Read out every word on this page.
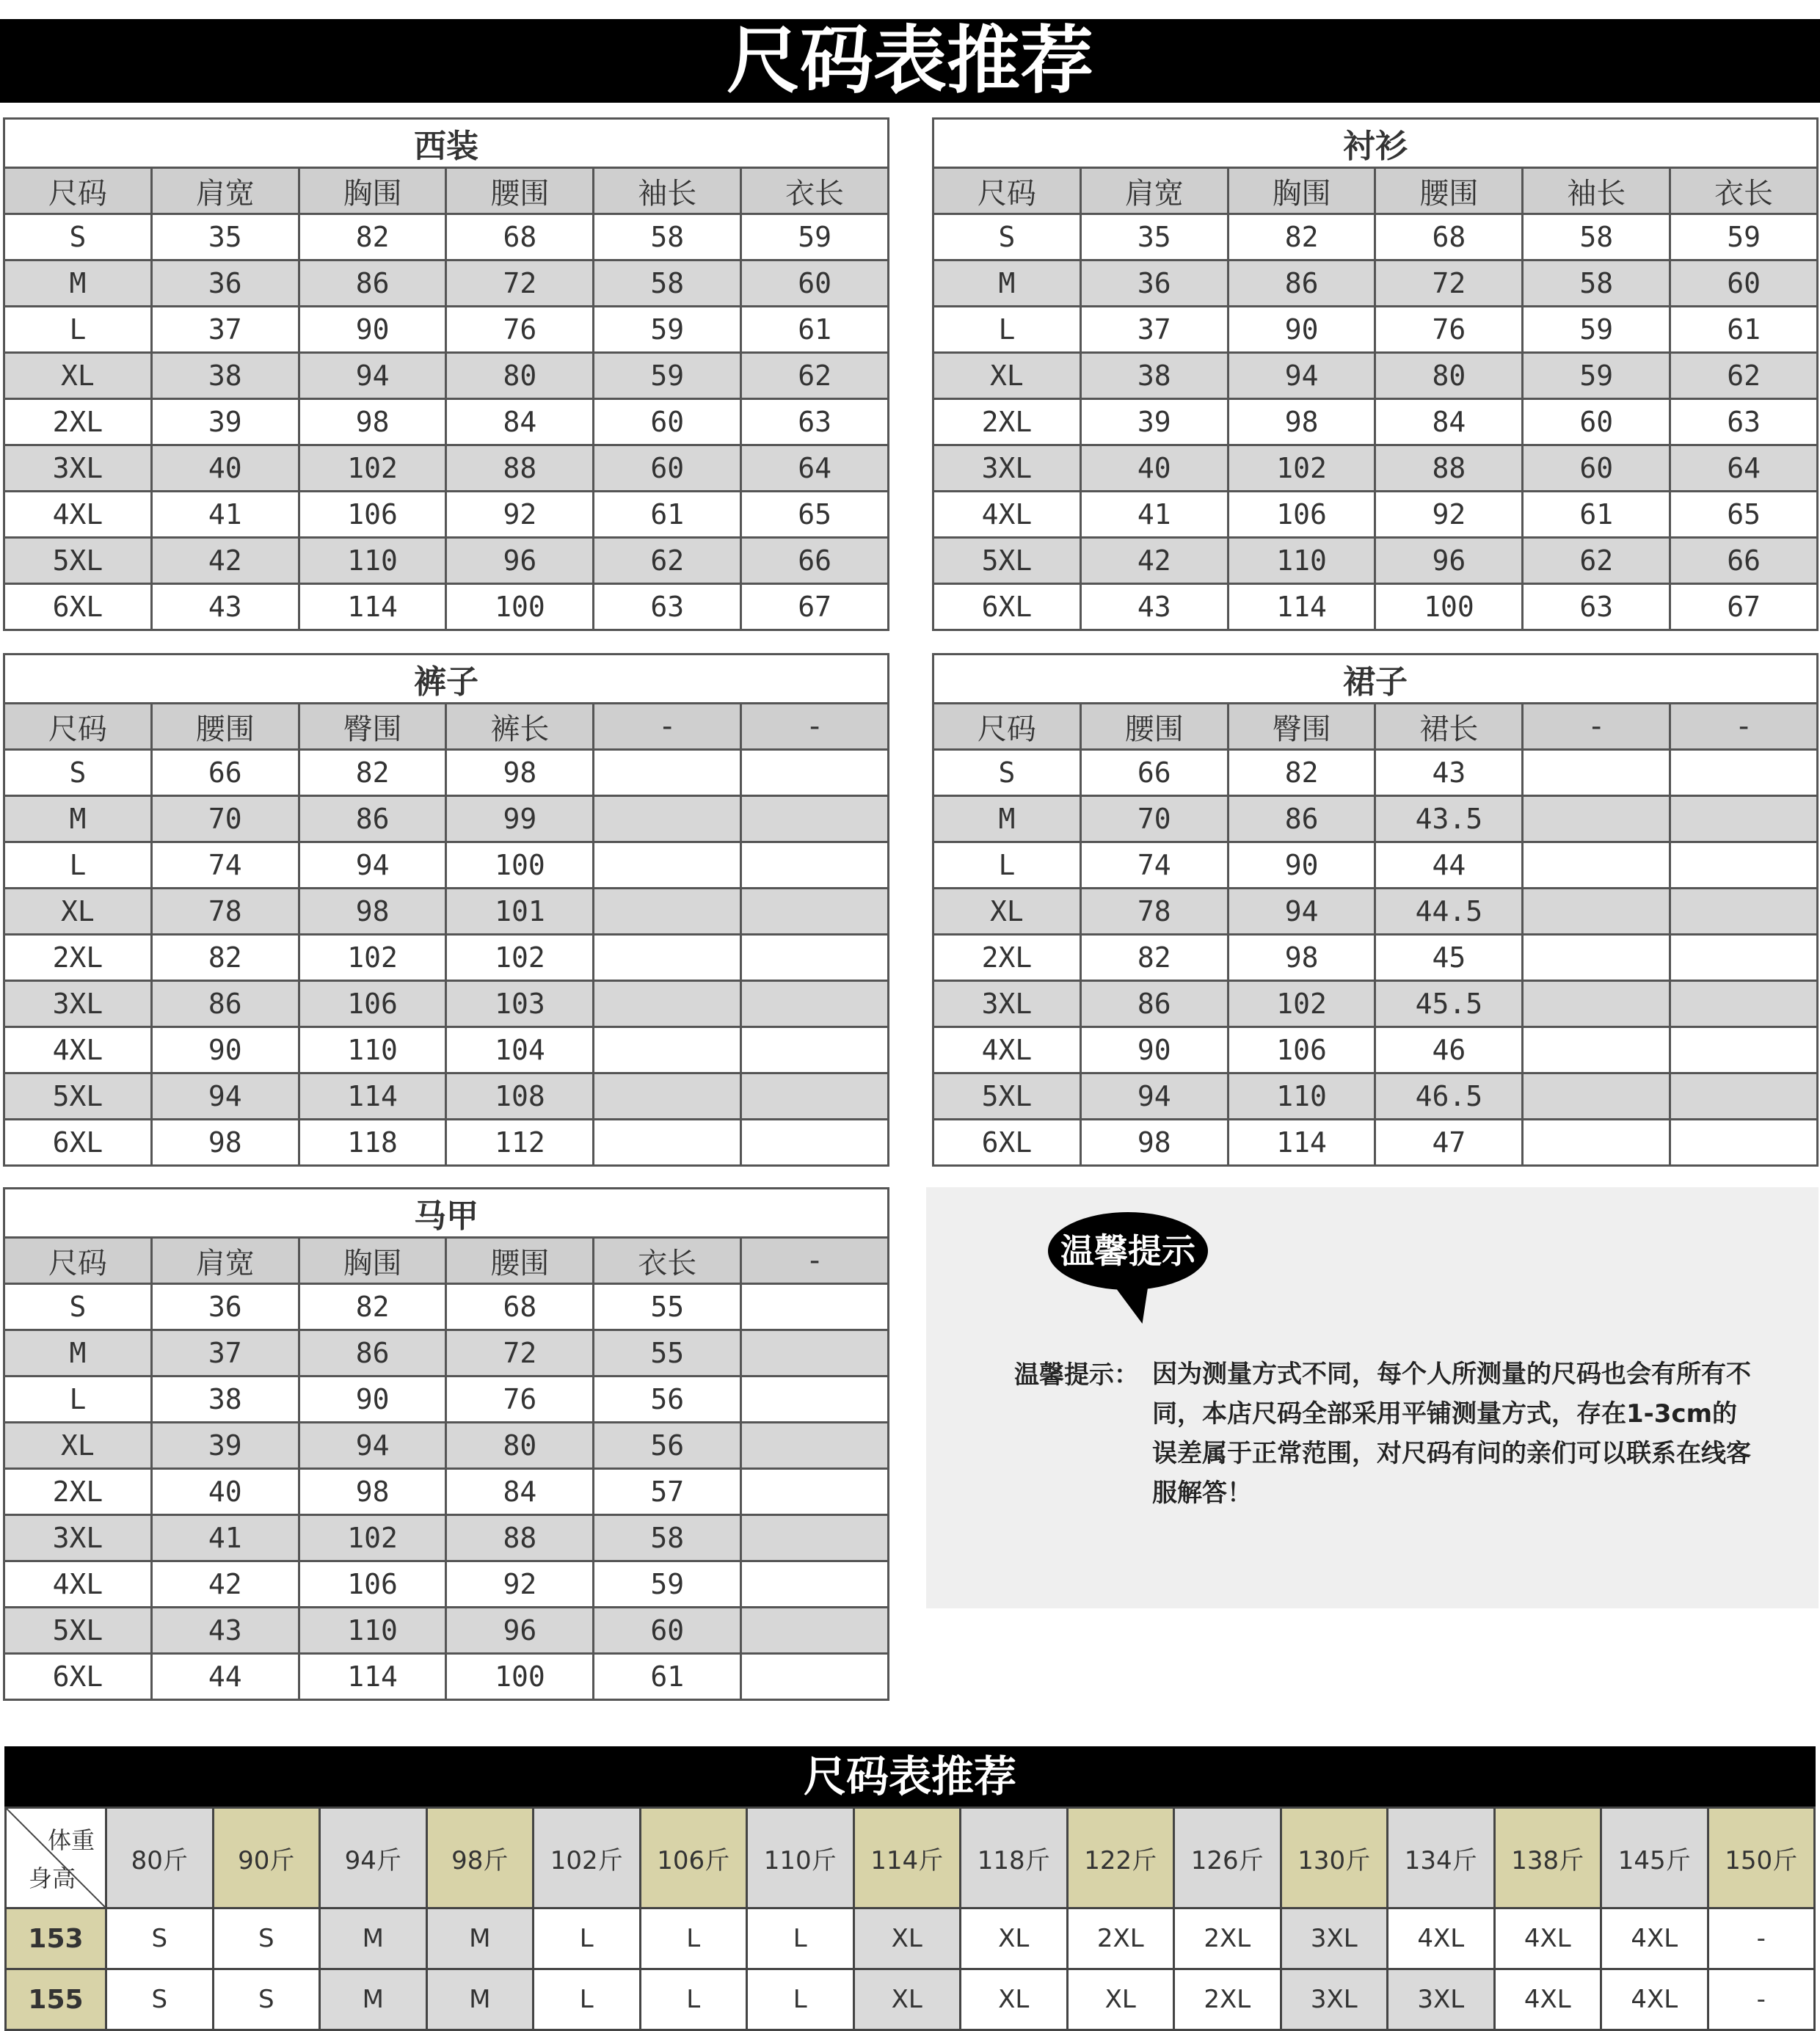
尺码表推荐
西装					
尺码	肩宽	胸围	腰围	袖长	衣长
S	35	82	68	58	59
M	36	86	72	58	60
L	37	90	76	59	61
XL	38	94	80	59	62
2XL	39	98	84	60	63
3XL	40	102	88	60	64
4XL	41	106	92	61	65
5XL	42	110	96	62	66
6XL	43	114	100	63	67
衬衫					
尺码	肩宽	胸围	腰围	袖长	衣长
S	35	82	68	58	59
M	36	86	72	58	60
L	37	90	76	59	61
XL	38	94	80	59	62
2XL	39	98	84	60	63
3XL	40	102	88	60	64
4XL	41	106	92	61	65
5XL	42	110	96	62	66
6XL	43	114	100	63	67
裤子					
尺码	腰围	臀围	裤长	-	-
S	66	82	98		
M	70	86	99		
L	74	94	100		
XL	78	98	101		
2XL	82	102	102		
3XL	86	106	103		
4XL	90	110	104		
5XL	94	114	108		
6XL	98	118	112		
裙子					
尺码	腰围	臀围	裙长	-	-
S	66	82	43		
M	70	86	43.5		
L	74	90	44		
XL	78	94	44.5		
2XL	82	98	45		
3XL	86	102	45.5		
4XL	90	106	46		
5XL	94	110	46.5		
6XL	98	114	47		
马甲					
尺码	肩宽	胸围	腰围	衣长	-
S	36	82	68	55	
M	37	86	72	55	
L	38	90	76	56	
XL	39	94	80	56	
2XL	40	98	84	57	
3XL	41	102	88	58	
4XL	42	106	92	59	
5XL	43	110	96	60	
6XL	44	114	100	61	
温馨提示
温馨提示： 因为测量方式不同，每个人所测量的尺码也会有所有不同，本店尺码全部采用平铺测量方式，存在1-3cm的误差属于正常范围，对尺码有问的亲们可以联系在线客服解答！
尺码表推荐
体重
身高	80斤	90斤	94斤	98斤	102斤	106斤	110斤	114斤	118斤	122斤	126斤	130斤	134斤	138斤	145斤	150斤
153	S	S	M	M	L	L	L	XL	XL	2XL	2XL	3XL	4XL	4XL	4XL	-
155	S	S	M	M	L	L	L	XL	XL	XL	2XL	3XL	3XL	4XL	4XL	-
